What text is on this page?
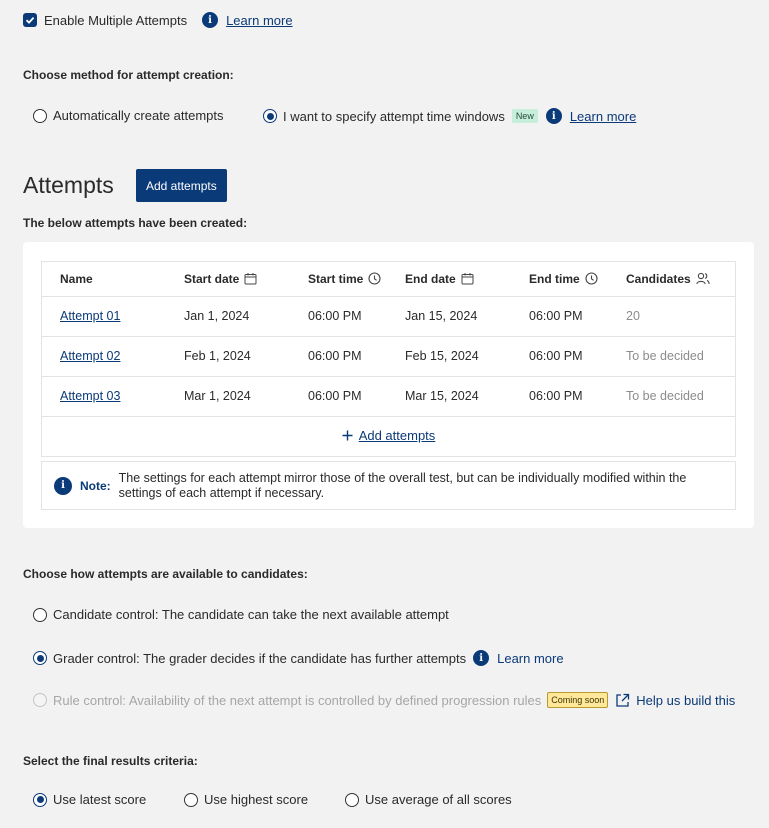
Enable Multiple Attempts	i	Learn more
Choose method for attempt creation:
Automatically create attempts	I want to specify attempt time windows	New	i	Learn more
Attempts	Add attempts
The below attempts have been created:
Name	Start date	Start time	End date	End time	Candidates

Attempt 01	Jan 1, 2024	06:00 PM	Jan 15, 2024	06:00 PM	20
Attempt 02	Feb 1, 2024	06:00 PM	Feb 15, 2024	06:00 PM	To be decided
Attempt 03	Mar 1, 2024	06:00 PM	Mar 15, 2024	06:00 PM	To be decided

Add attempts					
i	Note:
The settings for each attempt mirror those of the overall test, but can be individually modified within the settings of each attempt if necessary.
Choose how attempts are available to candidates:
Candidate control: The candidate can take the next available attempt
Grader control: The grader decides if the candidate has further attempts	i	Learn more
Rule control: Availability of the next attempt is controlled by defined progression rules	Coming soon	Help us build this
Select the final results criteria:
Use latest score	Use highest score	Use average of all scores
